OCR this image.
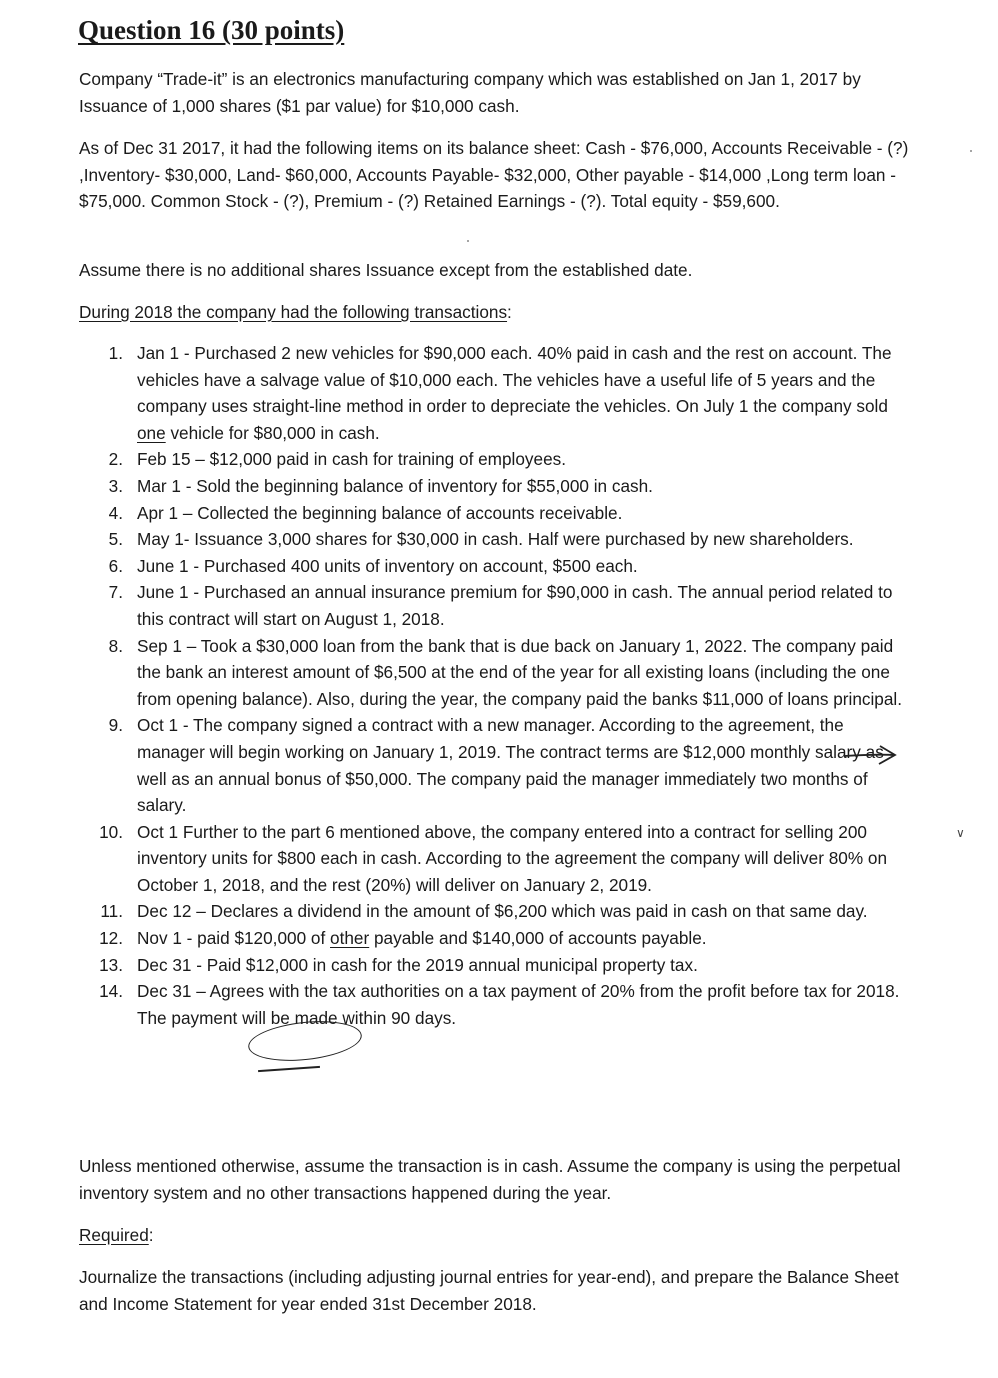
Question 16 (30 points)

Company “Trade-it” is an electronics manufacturing company which was established on Jan 1, 2017 by Issuance of 1,000 shares ($1 par value) for $10,000 cash.

As of Dec 31 2017, it had the following items on its balance sheet: Cash - $76,000, Accounts Receivable - (?) ,Inventory- $30,000, Land- $60,000, Accounts Payable- $32,000, Other payable - $14,000 ,Long term loan - $75,000. Common Stock - (?), Premium - (?) Retained Earnings - (?). Total equity - $59,600.

Assume there is no additional shares Issuance except from the established date.

During 2018 the company had the following transactions:

1. Jan 1 - Purchased 2 new vehicles for $90,000 each. 40% paid in cash and the rest on account. The vehicles have a salvage value of $10,000 each. The vehicles have a useful life of 5 years and the company uses straight-line method in order to depreciate the vehicles. On July 1 the company sold one vehicle for $80,000 in cash.
2. Feb 15 – $12,000 paid in cash for training of employees.
3. Mar 1 - Sold the beginning balance of inventory for $55,000 in cash.
4. Apr 1 – Collected the beginning balance of accounts receivable.
5. May 1- Issuance 3,000 shares for $30,000 in cash. Half were purchased by new shareholders.
6. June 1 - Purchased 400 units of inventory on account, $500 each.
7. June 1 - Purchased an annual insurance premium for $90,000 in cash. The annual period related to this contract will start on August 1, 2018.
8. Sep 1 – Took a $30,000 loan from the bank that is due back on January 1, 2022. The company paid the bank an interest amount of $6,500 at the end of the year for all existing loans (including the one from opening balance). Also, during the year, the company paid the banks $11,000 of loans principal.
9. Oct 1 - The company signed a contract with a new manager. According to the agreement, the manager will begin working on January 1, 2019. The contract terms are $12,000 monthly salary as well as an annual bonus of $50,000. The company paid the manager immediately two months of salary.
10. Oct 1 Further to the part 6 mentioned above, the company entered into a contract for selling 200 inventory units for $800 each in cash. According to the agreement the company will deliver 80% on October 1, 2018, and the rest (20%) will deliver on January 2, 2019.
11. Dec 12 – Declares a dividend in the amount of $6,200 which was paid in cash on that same day.
12. Nov 1 - paid $120,000 of other payable and $140,000 of accounts payable.
13. Dec 31 - Paid $12,000 in cash for the 2019 annual municipal property tax.
14. Dec 31 – Agrees with the tax authorities on a tax payment of 20% from the profit before tax for 2018. The payment will be made within 90 days.

Unless mentioned otherwise, assume the transaction is in cash. Assume the company is using the perpetual inventory system and no other transactions happened during the year.

Required:

Journalize the transactions (including adjusting journal entries for year-end), and prepare the Balance Sheet and Income Statement for year ended 31st December 2018.

∨
